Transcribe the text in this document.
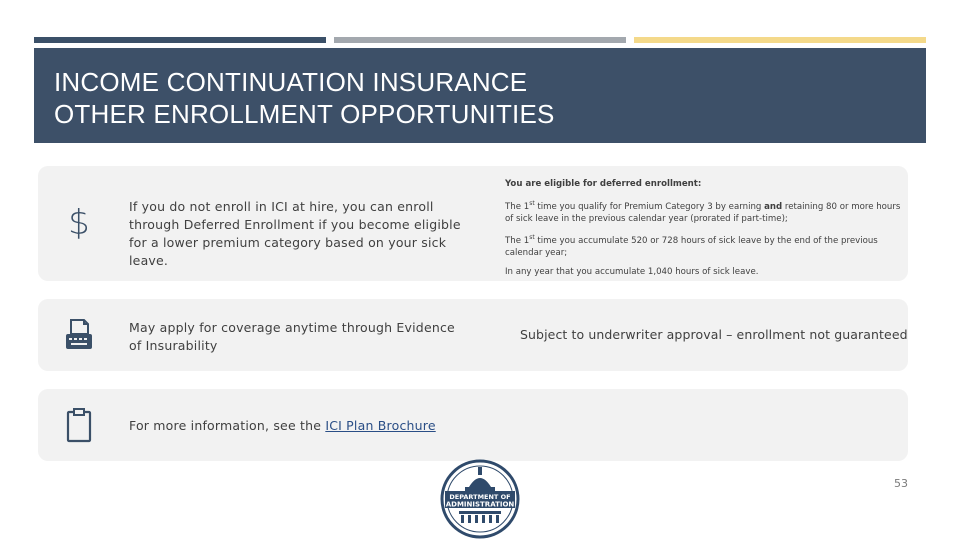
INCOME CONTINUATION INSURANCE
OTHER ENROLLMENT OPPORTUNITIES
$	If you do not enroll in ICI at hire, you can enroll through Deferred Enrollment if you become eligible for a lower premium category based on your sick leave.
You are eligible for deferred enrollment:

The 1st time you qualify for Premium Category 3 by earning and retaining 80 or more hours of sick leave in the previous calendar year (prorated if part-time);

The 1st time you accumulate 520 or 728 hours of sick leave by the end of the previous calendar year;

In any year that you accumulate 1,040 hours of sick leave.

May apply for coverage anytime through Evidence of Insurability
Subject to underwriter approval – enrollment not guaranteed
For more information, see the ICI Plan Brochure
DEPARTMENT OF
ADMINISTRATION
53
